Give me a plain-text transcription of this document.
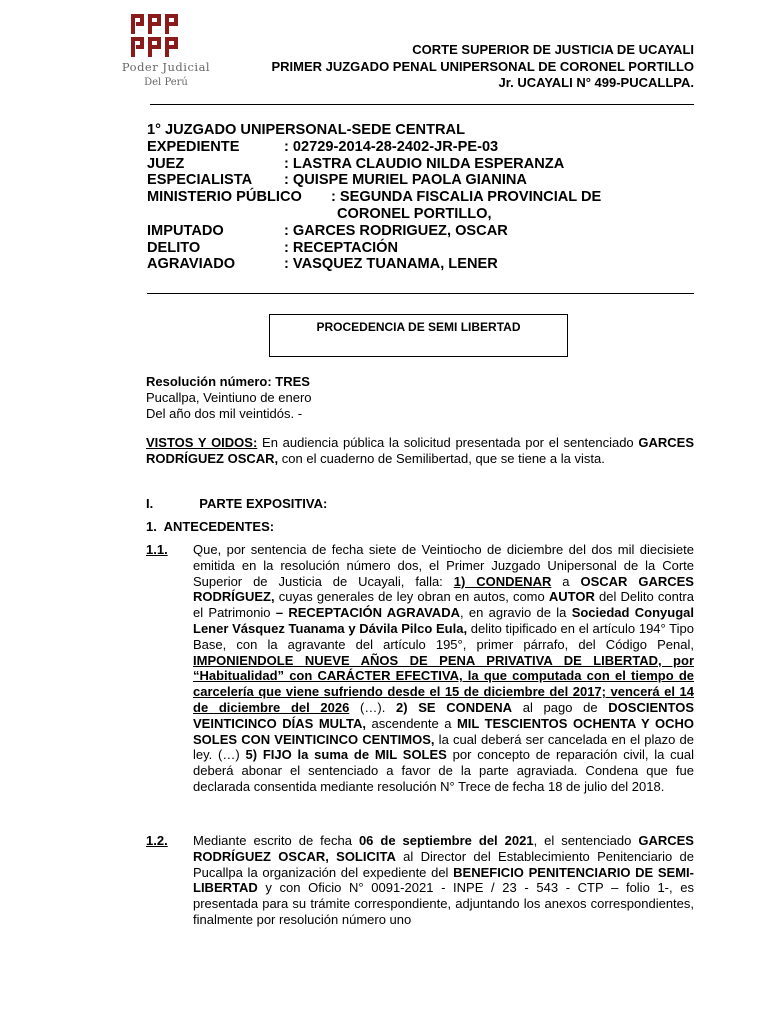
Poder Judicial
Del Perú
CORTE SUPERIOR DE JUSTICIA DE UCAYALI
PRIMER JUZGADO PENAL UNIPERSONAL DE CORONEL PORTILLO
Jr. UCAYALI N° 499-PUCALLPA.
1° JUZGADO UNIPERSONAL-SEDE CENTRAL
EXPEDIENTE	: 02729-2014-28-2402-JR-PE-03
JUEZ	: LASTRA CLAUDIO NILDA ESPERANZA
ESPECIALISTA : QUISPE MURIEL PAOLA GIANINA
MINISTERIO PÚBLICO : SEGUNDA FISCALIA PROVINCIAL DE
CORONEL PORTILLO,
IMPUTADO	: GARCES RODRIGUEZ, OSCAR
DELITO	: RECEPTACIÓN
AGRAVIADO	: VASQUEZ TUANAMA, LENER
PROCEDENCIA DE SEMI LIBERTAD
Resolución número: TRES
Pucallpa, Veintiuno de enero
Del año dos mil veintidós. -
VISTOS Y OIDOS: En audiencia pública la solicitud presentada por el sentenciado GARCES RODRÍGUEZ OSCAR, con el cuaderno de Semilibertad, que se tiene a la vista.
I.	PARTE EXPOSITIVA:
1.  ANTECEDENTES:
1.1.	Que, por sentencia de fecha siete de Veintiocho de diciembre del dos mil diecisiete emitida en la resolución número dos, el Primer Juzgado Unipersonal de la Corte Superior de Justicia de Ucayali, falla: 1) CONDENAR a OSCAR GARCES RODRÍGUEZ, cuyas generales de ley obran en autos, como AUTOR del Delito contra el Patrimonio – RECEPTACIÓN AGRAVADA, en agravio de la Sociedad Conyugal Lener Vásquez Tuanama y Dávila Pilco Eula, delito tipificado en el artículo 194° Tipo Base, con la agravante del artículo 195°, primer párrafo, del Código Penal, IMPONIENDOLE NUEVE AÑOS DE PENA PRIVATIVA DE LIBERTAD, por “Habitualidad” con CARÁCTER EFECTIVA, la que computada con el tiempo de carcelería que viene sufriendo desde el 15 de diciembre del 2017; vencerá el 14 de diciembre del 2026 (…). 2) SE CONDENA al pago de DOSCIENTOS VEINTICINCO DÍAS MULTA, ascendente a MIL TESCIENTOS OCHENTA Y OCHO SOLES CON VEINTICINCO CENTIMOS, la cual deberá ser cancelada en el plazo de ley. (…) 5) FIJO la suma de MIL SOLES por concepto de reparación civil, la cual deberá abonar el sentenciado a favor de la parte agraviada. Condena que fue declarada consentida mediante resolución N° Trece de fecha 18 de julio del 2018.
1.2.	Mediante escrito de fecha 06 de septiembre del 2021, el sentenciado GARCES RODRÍGUEZ OSCAR, SOLICITA al Director del Establecimiento Penitenciario de Pucallpa la organización del expediente del BENEFICIO PENITENCIARIO DE SEMI-LIBERTAD y con Oficio N° 0091-2021 - INPE / 23 - 543 - CTP – folio 1-, es presentada para su trámite correspondiente, adjuntando los anexos correspondientes, finalmente por resolución número uno
